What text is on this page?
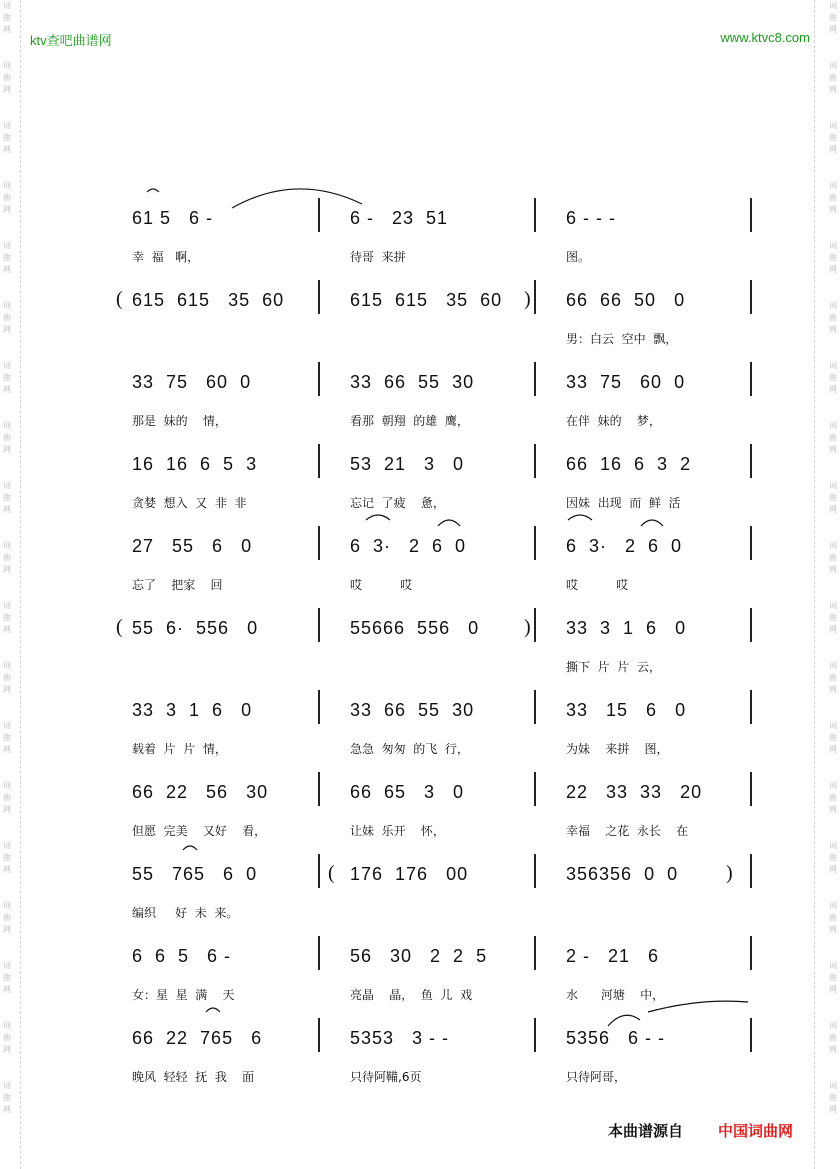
词曲网
词曲网
词曲网
词曲网
词曲网
词曲网
词曲网
词曲网
词曲网
词曲网
词曲网
词曲网
词曲网
词曲网
词曲网
词曲网
词曲网
词曲网
词曲网
词曲网
词曲网
词曲网
词曲网
词曲网
词曲网
词曲网
词曲网
词曲网
词曲网
词曲网
词曲网
词曲网
词曲网
词曲网
词曲网
词曲网
词曲网
词曲网
ktv查吧曲谱网	www.ktvc8.com
61 5   6 -	6 -   23  51	6 - - -
幸  福   啊，	待哥  来拼	图。
( 615  615   35  60	615  615   35  60	66  66  50   0
男：白云  空中  飘，
)
33  75   60  0	33  66  55  30	33  75   60  0
那是  妹的    情，	看那  朝翔  的雄  鹰，	在伴  妹的    梦，
16  16  6  5  3	53  21   3   0	66  16  6  3  2
贪婪  想入  又  非  非	忘记  了疲    惫，	因妹  出现  而  鲜  活
27   55   6   0	6  3·   2  6  0	6  3·   2  6  0
忘了    把家    回	哎          哎	哎          哎
( 55  6·  556   0	55666  556   0	33  3  1  6   0
撕下  片  片  云，
)
33  3  1  6   0	33  66  55  30	33   15   6   0
载着  片  片  情，	急急  匆匆  的飞  行，	为妹    来拼    图，
66  22   56   30	66  65   3   0	22   33  33   20
但愿  完美    又好    看，	让妹  乐开    怀，	幸福    之花  永长    在
(
55   765   6  0	176  176   00	356356  0  0
编织     好  未  来。
)
6  6  5   6 -	56   30   2  2  5	2 -   21   6
女：星  星  满    天	亮晶    晶，  鱼  儿  戏	水      河塘    中，
66  22  765   6	5353   3 - -	5356   6 - -
晚风  轻轻  抚  我    面	只待阿鞴,6页	只待阿哥，
本曲谱源自 中国词曲网
